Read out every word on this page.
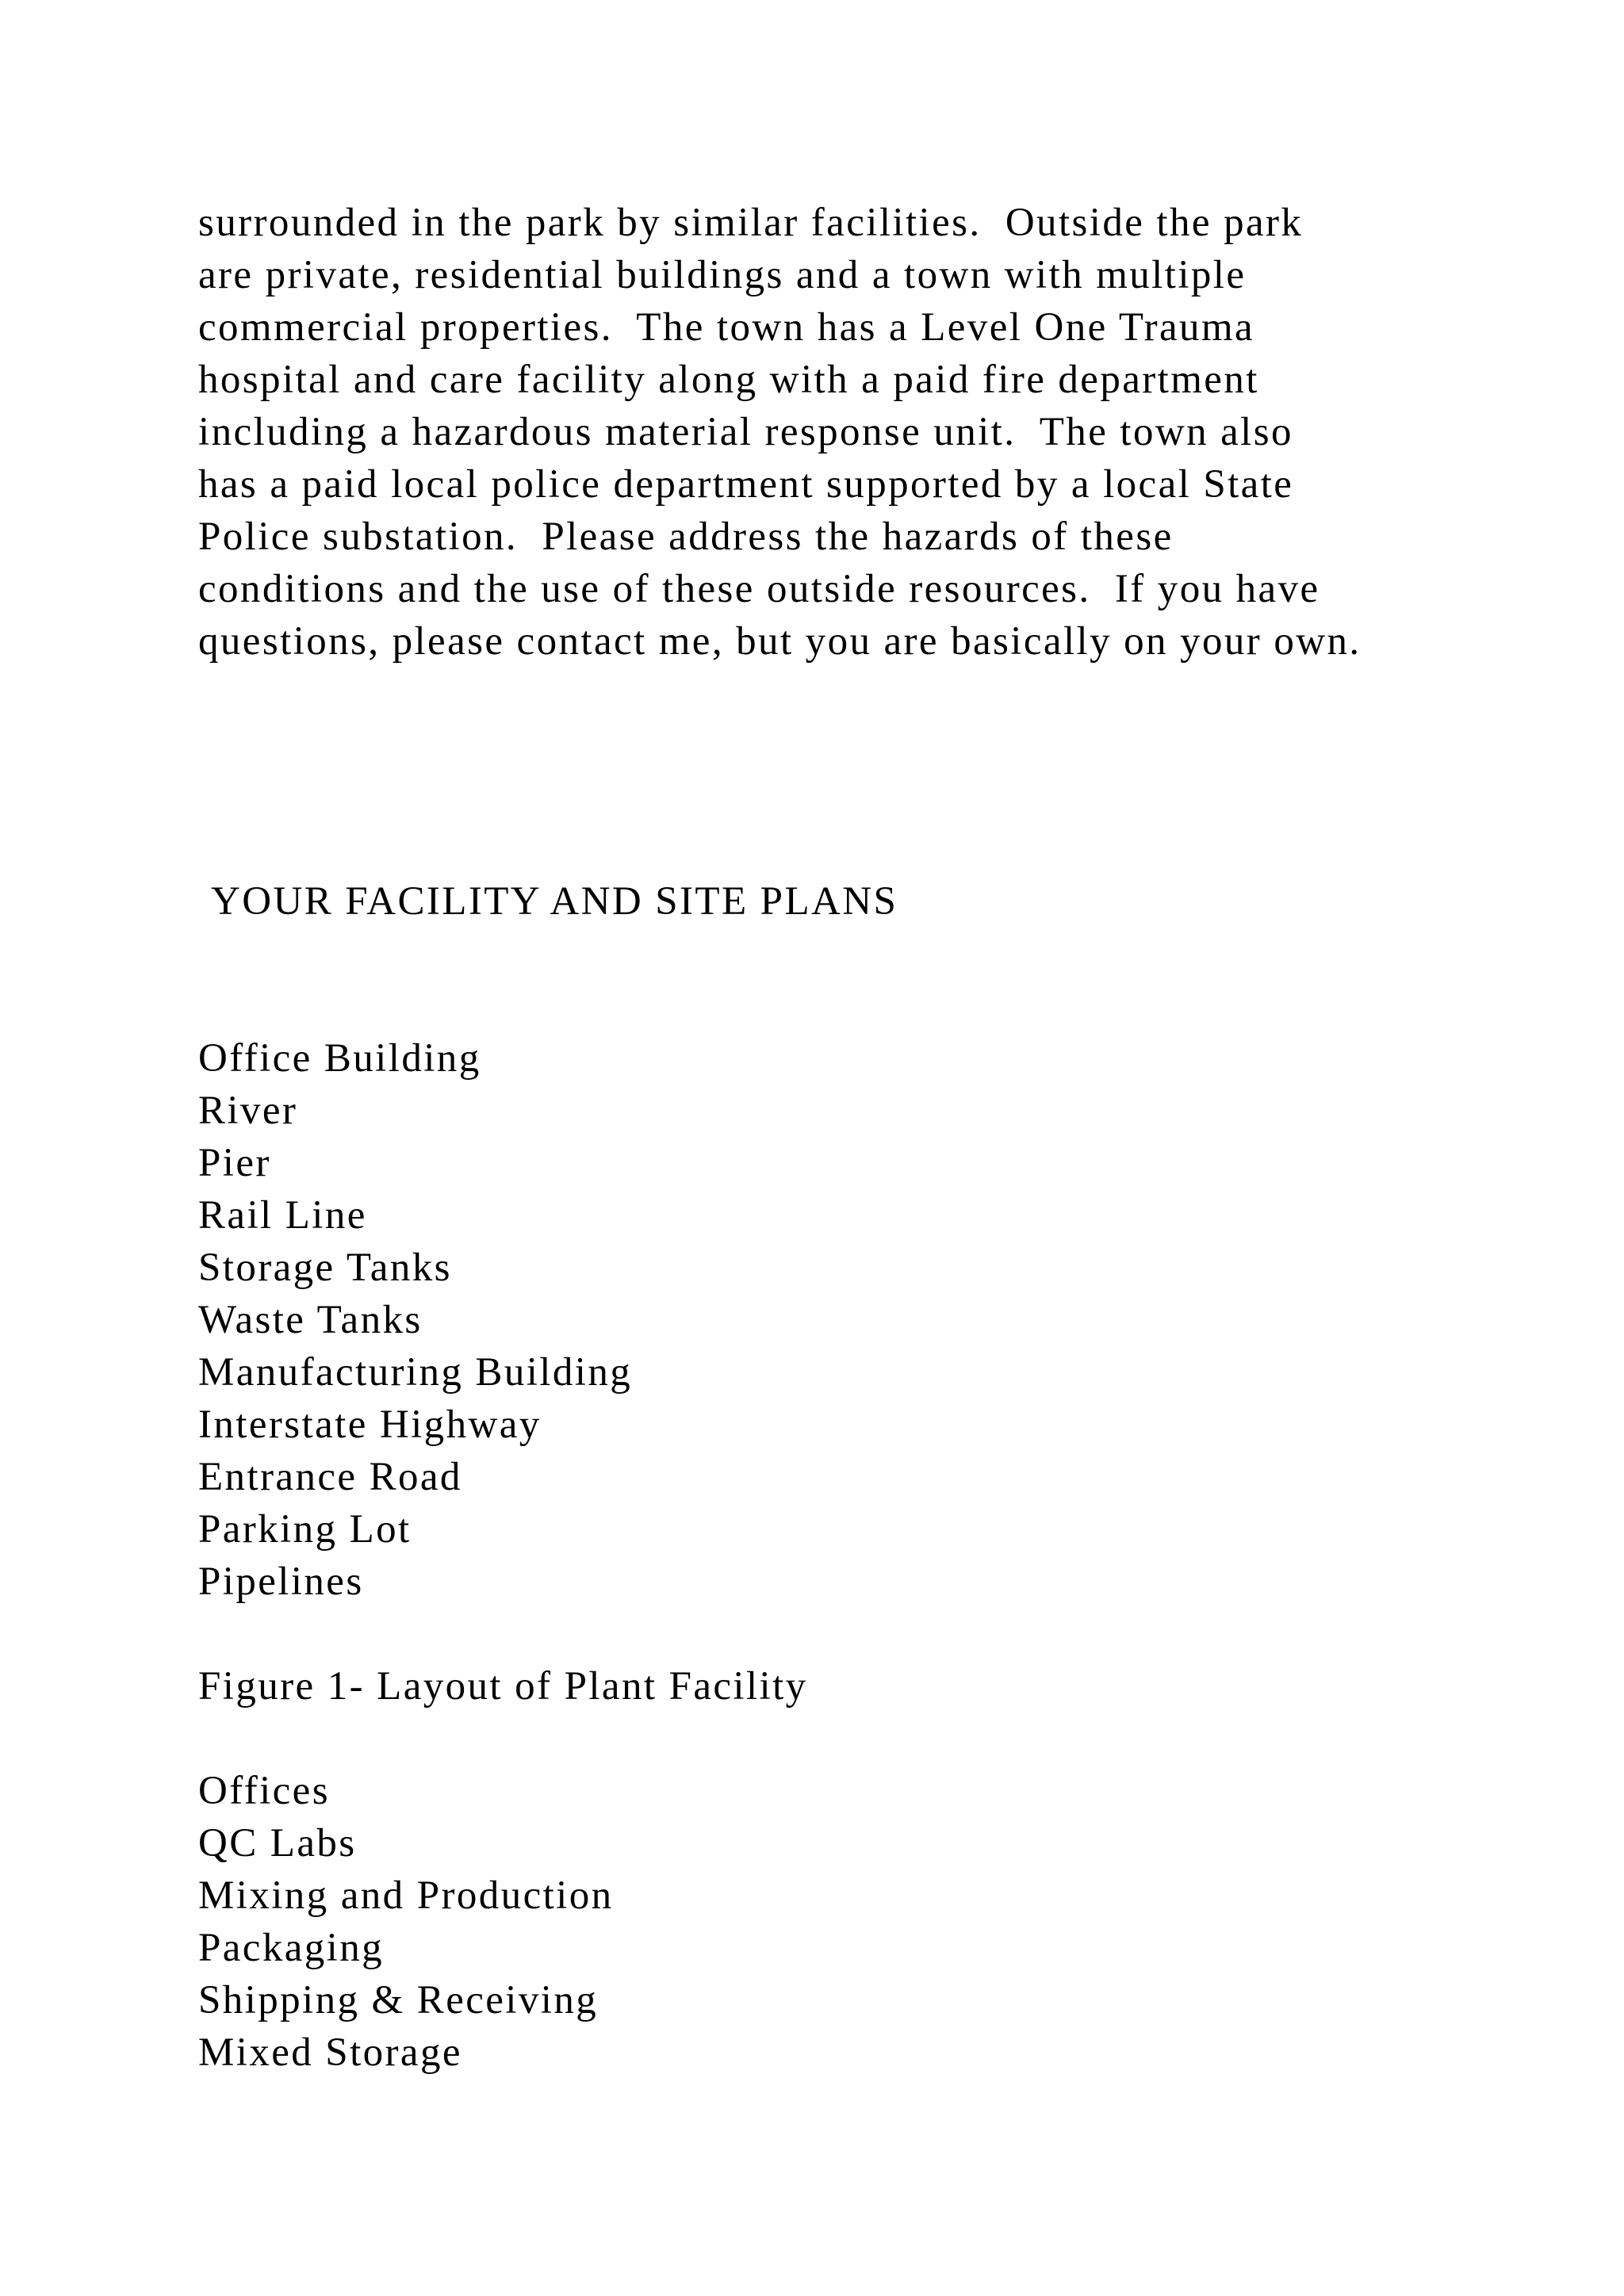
surrounded in the park by similar facilities.  Outside the park
are private, residential buildings and a town with multiple
commercial properties.  The town has a Level One Trauma
hospital and care facility along with a paid fire department
including a hazardous material response unit.  The town also
has a paid local police department supported by a local State
Police substation.  Please address the hazards of these
conditions and the use of these outside resources.  If you have
questions, please contact me, but you are basically on your own.
YOUR FACILITY AND SITE PLANS
Office Building
River
Pier
Rail Line
Storage Tanks
Waste Tanks
Manufacturing Building
Interstate Highway
Entrance Road
Parking Lot
Pipelines
Figure 1- Layout of Plant Facility
Offices
QC Labs
Mixing and Production
Packaging
Shipping & Receiving
Mixed Storage
